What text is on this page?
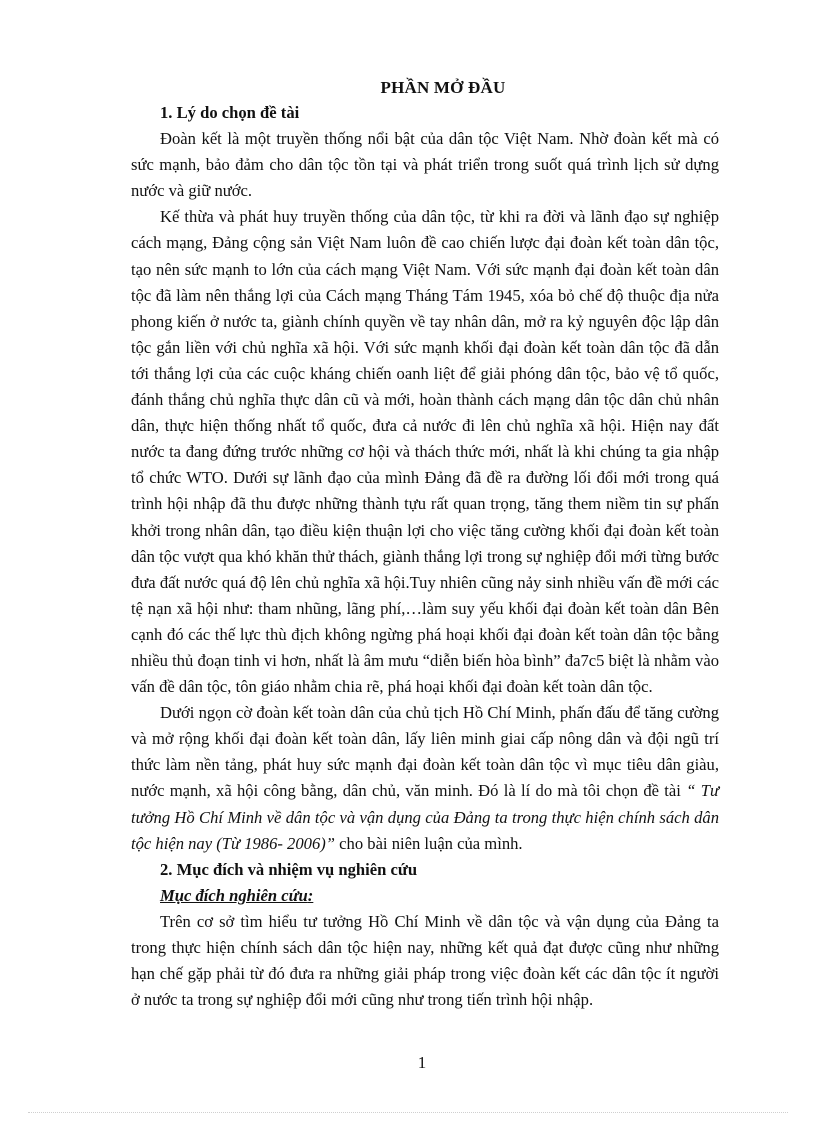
PHẦN MỞ ĐẦU
1. Lý do chọn đề tài

Đoàn kết là một truyền thống nổi bật của dân tộc Việt Nam. Nhờ đoàn kết mà có sức mạnh, bảo đảm cho dân tộc tồn tại và phát triển trong suốt quá trình lịch sử dựng nước và giữ nước.

Kế thừa và phát huy truyền thống của dân tộc, từ khi ra đời và lãnh đạo sự nghiệp cách mạng, Đảng cộng sản Việt Nam luôn đề cao chiến lược đại đoàn kết toàn dân tộc, tạo nên sức mạnh to lớn của cách mạng Việt Nam. Với sức mạnh đại đoàn kết toàn dân tộc đã làm nên thắng lợi của Cách mạng Tháng Tám 1945, xóa bỏ chế độ thuộc địa nửa phong kiến ở nước ta, giành chính quyền về tay nhân dân, mở ra kỷ nguyên độc lập dân tộc gắn liền với chủ nghĩa xã hội. Với sức mạnh khối đại đoàn kết toàn dân tộc đã dẫn tới thắng lợi của các cuộc kháng chiến oanh liệt để giải phóng dân tộc, bảo vệ tổ quốc, đánh thắng chủ nghĩa thực dân cũ và mới, hoàn thành cách mạng dân tộc dân chủ nhân dân, thực hiện thống nhất tổ quốc, đưa cả nước đi lên chủ nghĩa xã hội. Hiện nay đất nước ta đang đứng trước những cơ hội và thách thức mới, nhất là khi chúng ta gia nhập tổ chức WTO. Dưới sự lãnh đạo của mình Đảng đã đề ra đường lối đổi mới trong quá trình hội nhập đã thu được những thành tựu rất quan trọng, tăng them niềm tin sự phấn khởi trong nhân dân, tạo điều kiện thuận lợi cho việc tăng cường khối đại đoàn kết toàn dân tộc vượt qua khó khăn thử thách, giành thắng lợi trong sự nghiệp đổi mới từng bước đưa đất nước quá độ lên chủ nghĩa xã hội.Tuy nhiên cũng nảy sinh nhiều vấn đề mới các tệ nạn xã hội như: tham nhũng, lãng phí,…làm suy yếu khối đại đoàn kết toàn dân Bên cạnh đó các thế lực thù địch không ngừng phá hoại khối đại đoàn kết toàn dân tộc bằng nhiều thủ đoạn tinh vi hơn, nhất là âm mưu “diễn biến hòa bình” đa7c5 biệt là nhằm vào vấn đề dân tộc, tôn giáo nhằm chia rẽ, phá hoại khối đại đoàn kết toàn dân tộc.

Dưới ngọn cờ đoàn kết toàn dân của chủ tịch Hồ Chí Minh, phấn đấu để tăng cường và mở rộng khối đại đoàn kết toàn dân, lấy liên minh giai cấp nông dân và đội ngũ trí thức làm nền tảng, phát huy sức mạnh đại đoàn kết toàn dân tộc vì mục tiêu dân giàu, nước mạnh, xã hội công bằng, dân chủ, văn minh. Đó là lí do mà tôi chọn đề tài “ Tư tưởng Hồ Chí Minh về dân tộc và vận dụng của Đảng ta trong thực hiện chính sách dân tộc hiện nay (Từ 1986- 2006)” cho bài niên luận của mình.

2. Mục đích và nhiệm vụ nghiên cứu
Mục đích nghiên cứu:

Trên cơ sở tìm hiểu tư tưởng Hồ Chí Minh về dân tộc và vận dụng của Đảng ta trong thực hiện chính sách dân tộc hiện nay, những kết quả đạt được cũng như những hạn chế gặp phải từ đó đưa ra những giải pháp trong việc đoàn kết các dân tộc ít người ở nước ta trong sự nghiệp đổi mới cũng như trong tiến trình hội nhập.

1
